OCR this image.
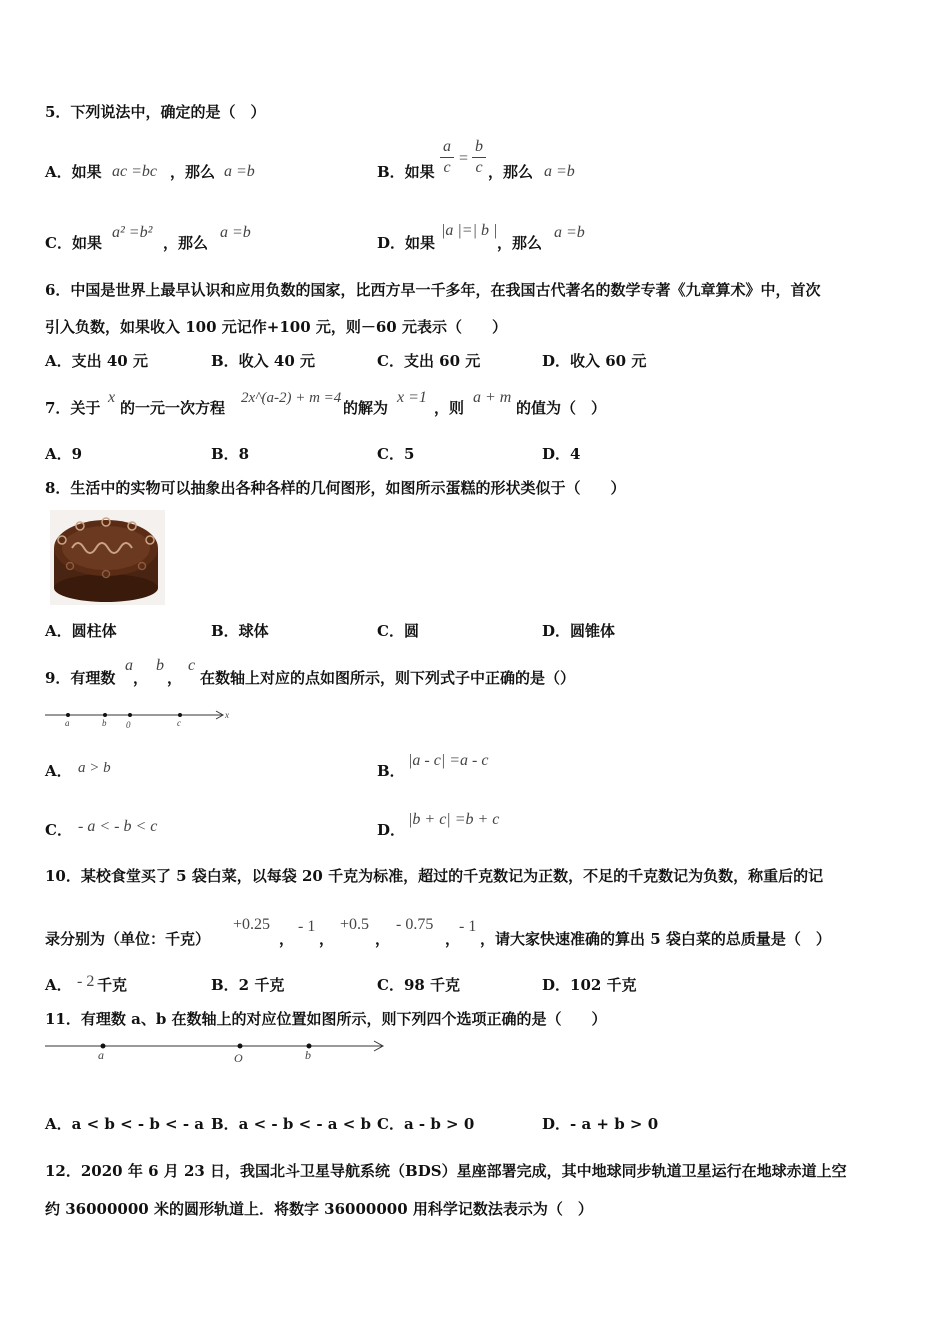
5．下列说法中，确定的是（　）
A．如果 ac =bc ，那么 a =b	B．如果
a
c
=
b
c ，那么 a =b
C．如果
a² =b²
，那么
a =b
D．如果
|a |=| b |
，那么
a =b
6．中国是世界上最早认识和应用负数的国家，比西方早一千多年，在我国古代著名的数学专著《九章算术》中，首次
引入负数，如果收入 100 元记作+100 元，则－60 元表示（　　）
A．支出 40 元	B．收入 40 元	C．支出 60 元	D．收入 60 元
7．关于
x
的一元一次方程
2x^(a-2) + m =4
的解为
x =1
，则
a + m
的值为（　）
A．9	B．8	C．5	D．4
8．生活中的实物可以抽象出各种各样的几何图形，如图所示蛋糕的形状类似于（　　）
A．圆柱体	B．球体	C．圆	D．圆锥体
9．有理数
a
，
b
，
c
在数轴上对应的点如图所示，则下列式子中正确的是（）
a	b 0	c
x
A． a > b	B．
|a - c| =a - c
C． - a < - b < c	D．
|b + c| =b + c
10．某校食堂买了 5 袋白菜，以每袋 20 千克为标准，超过的千克数记为正数，不足的千克数记为负数，称重后的记
录分别为（单位：千克）
+0.25
，
- 1
，
+0.5
，
- 0.75
，
- 1
，请大家快速准确的算出 5 袋白菜的总质量是（　）
A． - 2 千克	B．2 千克	C．98 千克	D．102 千克
11．有理数 a、b 在数轴上的对应位置如图所示，则下列四个选项正确的是（　　）
a	O	b
A．a < b < - b < - a B．a < - b < - a < b C．a - b > 0	D．- a + b > 0
12．2020 年 6 月 23 日，我国北斗卫星导航系统（BDS）星座部署完成，其中地球同步轨道卫星运行在地球赤道上空
约 36000000 米的圆形轨道上．将数字 36000000 用科学记数法表示为（　）
